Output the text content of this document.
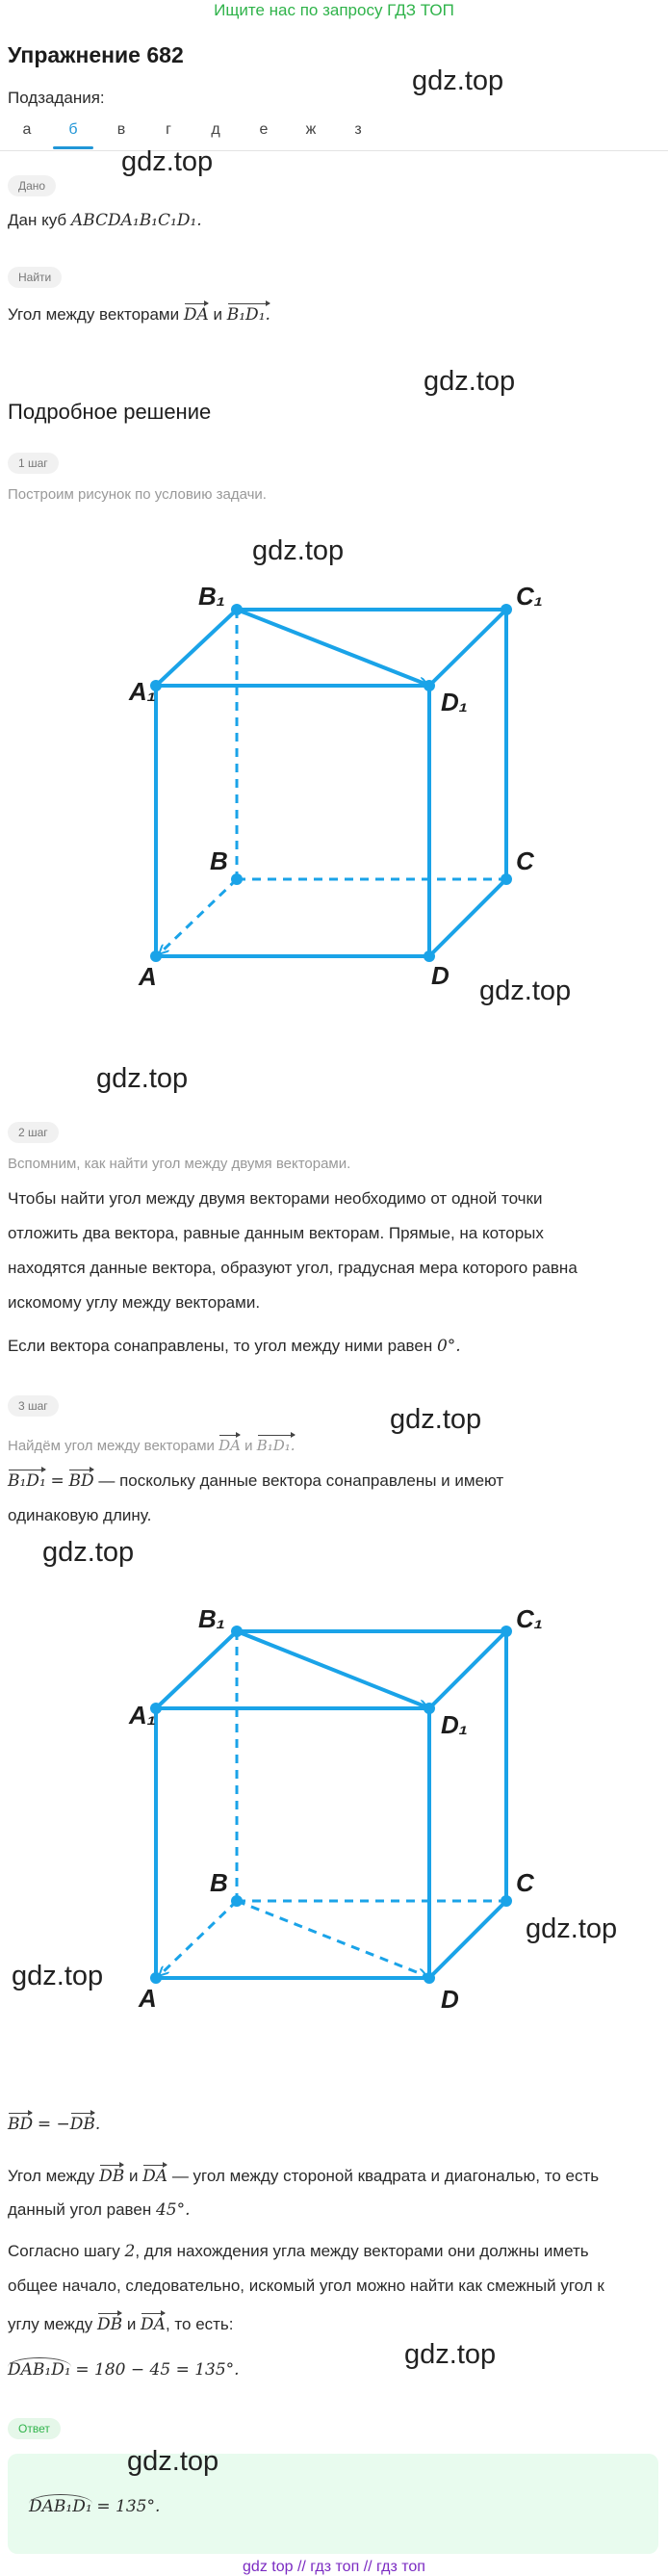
Ищите нас по запросу ГДЗ ТОП
Упражнение 682
gdz.top
Подзадания:
а	б	в	г	д	е	ж	з
Дано
gdz.top
Дан куб ABCDA₁B₁C₁D₁.
Найти
Угол между векторами DA и B₁D₁.
gdz.top
Подробное решение
1 шаг
Построим рисунок по условию задачи.
gdz.top
B₁	C₁
A₁	D₁
B	C
A	D gdz.top
gdz.top
2 шаг
Вспомним, как найти угол между двумя векторами.
Чтобы найти угол между двумя векторами необходимо от одной точки
отложить два вектора, равные данным векторам. Прямые, на которых
находятся данные вектора, образуют угол, градусная мера которого равна
искомому углу между векторами.
Если вектора сонаправлены, то угол между ними равен 0°.
3 шаг	gdz.top
Найдём угол между векторами DA и B₁D₁.
B₁D₁ = BD — поскольку данные вектора сонаправлены и имеют
одинаковую длину.
gdz.top
B₁	C₁
A₁	D₁
B	C
A	D
gdz.top
gdz.top
BD = −DB.
Угол между DB и DA — угол между стороной квадрата и диагональю, то есть
данный угол равен 45°.
Согласно шагу 2, для нахождения угла между векторами они должны иметь
общее начало, следовательно, искомый угол можно найти как смежный угол к
углу между DB и DA, то есть:
gdz.top
DAB₁D₁ = 180 − 45 = 135°.
Ответ
gdz.top
DAB₁D₁ = 135°.
gdz top // гдз топ // гдз топ
